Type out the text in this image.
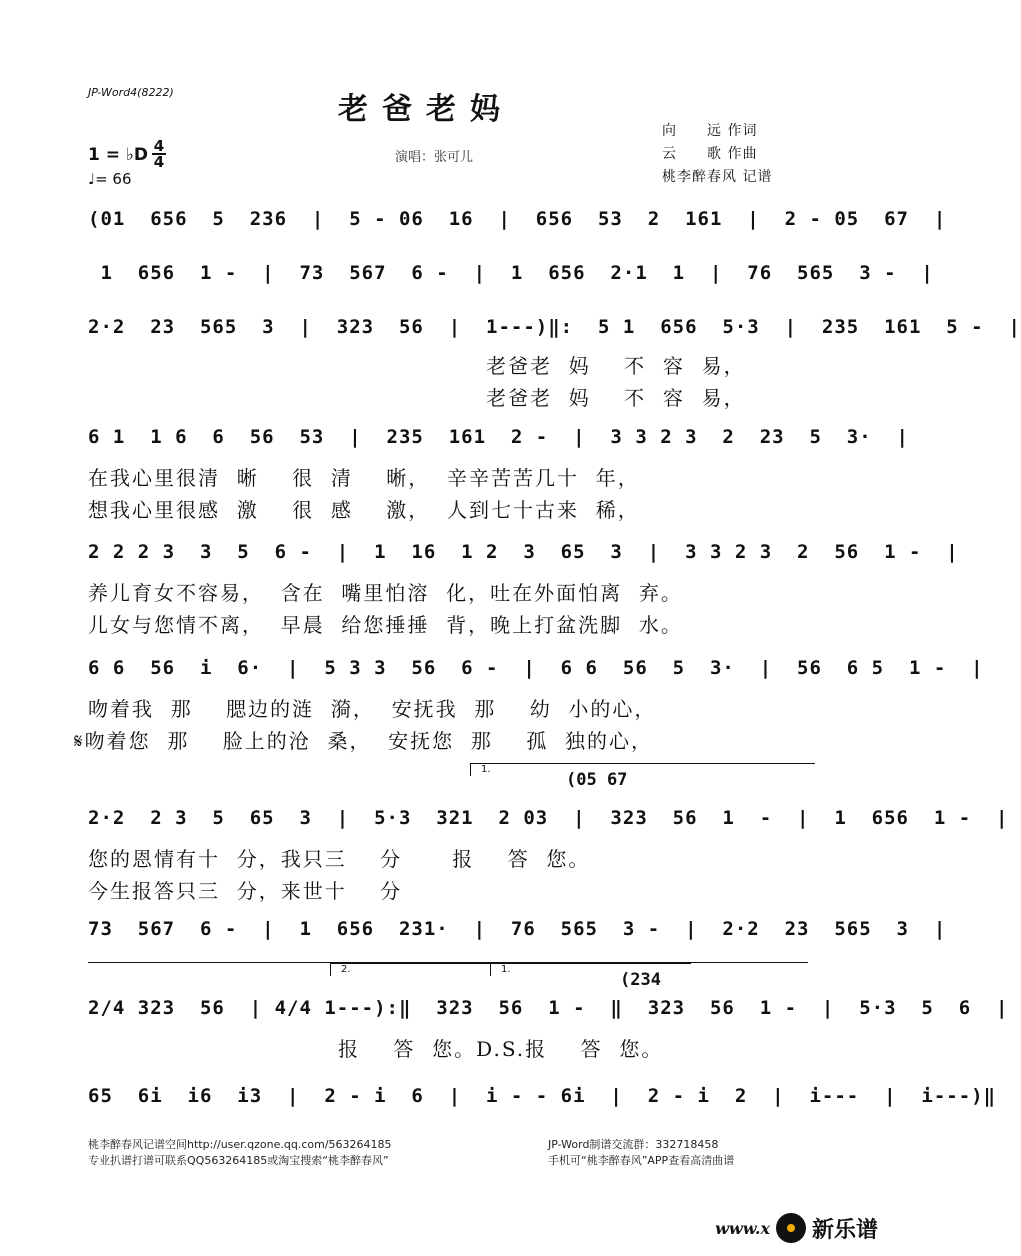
JP-Word4(8222)	老爸老妈
演唱：张可儿
向　　远 作词
云　　歌 作曲
桃李醉春风 记谱
1 = ♭D 4
4
♩= 66
(01  656  5  236  |  5 - 06  16  |  656  53  2  161  |  2 - 05  67  |
1  656  1 -  |  73  567  6 -  |  1  656  2·1  1  |  76  565  3 -  |
2·2  23  565  3  |  323  56  |  1---)‖:  5 1  656  5·3  |  235  161  5 -  |
老爸老  妈    不  容  易，
老爸老  妈    不  容  易，
6 1  1 6  6  56  53  |  235  161  2 -  |  3 3 2 3  2  23  5  3·  |
在我心里很清  晰    很  清    晰，  辛辛苦苦几十  年，
想我心里很感  激    很  感    激，  人到七十古来  稀，
2 2 2 3  3  5  6 -  |  1  16  1 2  3  65  3  |  3 3 2 3  2  56  1 -  |
养儿育女不容易，  含在  嘴里怕溶  化，吐在外面怕离  弃。
儿女与您情不离，  早晨  给您捶捶  背，晚上打盆洗脚  水。
6 6  56  i  6·  |  5 3 3  56  6 -  |  6 6  56  5  3·  |  56  6 5  1 -  |
吻着我  那    腮边的涟  漪，  安抚我  那    幼  小的心，
𝄋吻着您  那    脸上的沧  桑，  安抚您  那    孤  独的心，
1.
(05 67
2·2  2 3  5  65  3  |  5·3  321  2 03  |  323  56  1  -  |  1  656  1 -  |
您的恩情有十  分，我只三    分      报    答  您。
今生报答只三  分，来世十    分
73  567  6 -  |  1  656  231·  |  76  565  3 -  |  2·2  23  565  3  |
2.	1.
(234
2/4 323  56  | 4/4 1---):‖  323  56  1 -  ‖  323  56  1 -  |  5·3  5  6  |
报    答  您。D.S.报    答  您。
65  6i  i6  i3  |  2 - i  6  |  i - - 6i  |  2 - i  2  |  i---  |  i---)‖
桃李醉春风记谱空间http://user.qzone.qq.com/563264185
专业扒谱打谱可联系QQ563264185或淘宝搜索“桃李醉春风”
JP-Word制谱交流群：332718458
手机可“桃李醉春风”APP查看高清曲谱
www.x 新乐谱
